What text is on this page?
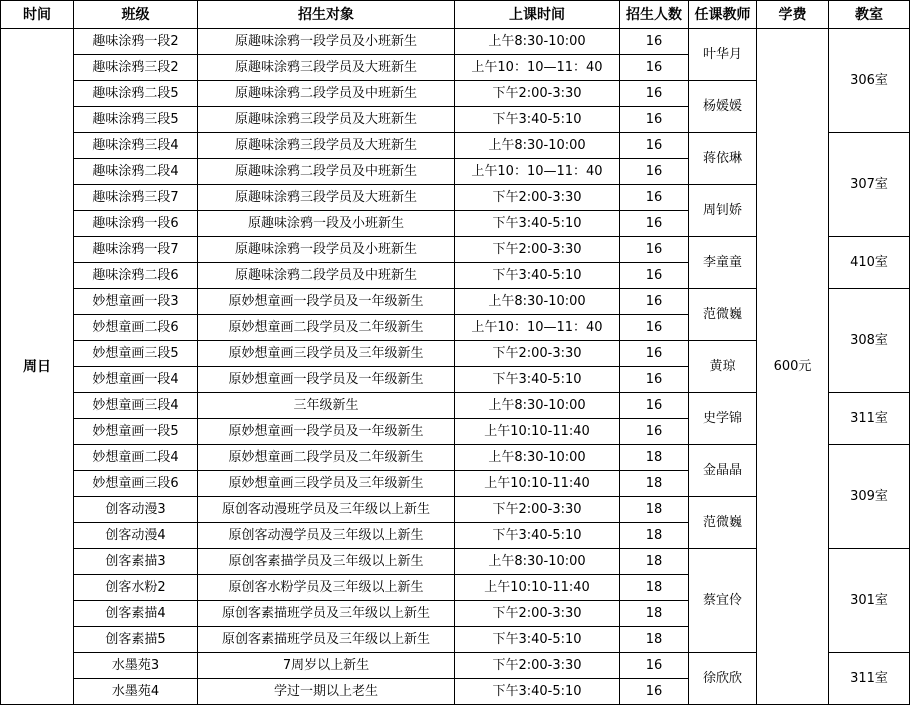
时间	班级	招生对象	上课时间	招生人数	任课教师	学费	教室
周日	趣味涂鸦一段2	原趣味涂鸦一段学员及小班新生	上午8:30-10:00	16	叶华月	600元	306室
	趣味涂鸦三段2	原趣味涂鸦三段学员及大班新生	上午10：10—11：40	16			
	趣味涂鸦二段5	原趣味涂鸦二段学员及中班新生	下午2:00-3:30	16	杨媛媛		
	趣味涂鸦三段5	原趣味涂鸦三段学员及大班新生	下午3:40-5:10	16			
	趣味涂鸦三段4	原趣味涂鸦三段学员及大班新生	上午8:30-10:00	16	蒋依琳		307室
	趣味涂鸦二段4	原趣味涂鸦二段学员及中班新生	上午10：10—11：40	16			
	趣味涂鸦三段7	原趣味涂鸦三段学员及大班新生	下午2:00-3:30	16	周钊娇		
	趣味涂鸦一段6	原趣味涂鸦一段及小班新生	下午3:40-5:10	16			
	趣味涂鸦一段7	原趣味涂鸦一段学员及小班新生	下午2:00-3:30	16	李童童		410室
	趣味涂鸦二段6	原趣味涂鸦二段学员及中班新生	下午3:40-5:10	16			
	妙想童画一段3	原妙想童画一段学员及一年级新生	上午8:30-10:00	16	范微巍		308室
	妙想童画二段6	原妙想童画二段学员及二年级新生	上午10：10—11：40	16			
	妙想童画三段5	原妙想童画三段学员及三年级新生	下午2:00-3:30	16	黄琼		
	妙想童画一段4	原妙想童画一段学员及一年级新生	下午3:40-5:10	16			
	妙想童画三段4	三年级新生	上午8:30-10:00	16	史学锦		311室
	妙想童画一段5	原妙想童画一段学员及一年级新生	上午10:10-11:40	16			
	妙想童画二段4	原妙想童画二段学员及二年级新生	上午8:30-10:00	18	金晶晶		309室
	妙想童画三段6	原妙想童画三段学员及三年级新生	上午10:10-11:40	18			
	创客动漫3	原创客动漫班学员及三年级以上新生	下午2:00-3:30	18	范微巍		
	创客动漫4	原创客动漫学员及三年级以上新生	下午3:40-5:10	18			
	创客素描3	原创客素描学员及三年级以上新生	上午8:30-10:00	18	蔡宜伶		301室
	创客水粉2	原创客水粉学员及三年级以上新生	上午10:10-11:40	18			
	创客素描4	原创客素描班学员及三年级以上新生	下午2:00-3:30	18			
	创客素描5	原创客素描班学员及三年级以上新生	下午3:40-5:10	18			
	水墨苑3	7周岁以上新生	下午2:00-3:30	16	徐欣欣		311室
	水墨苑4	学过一期以上老生	下午3:40-5:10	16			
